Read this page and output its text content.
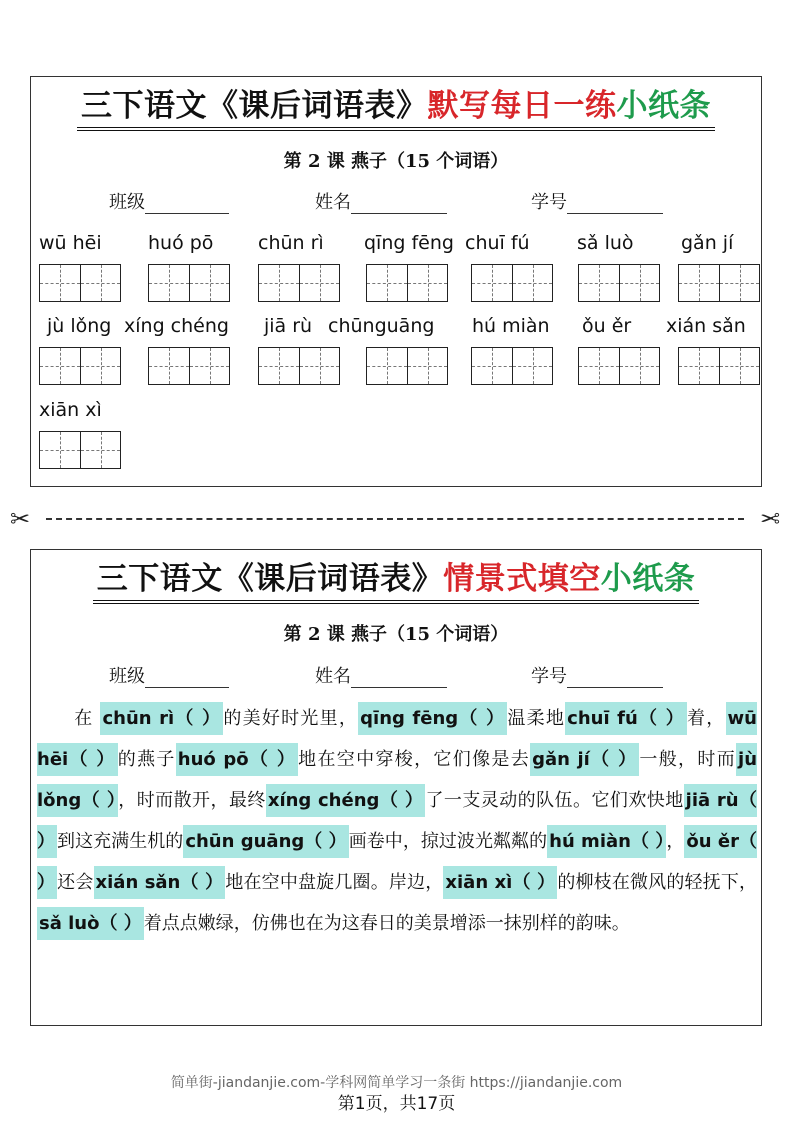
三下语文《课后词语表》默写每日一练小纸条
第 2 课 燕子（15 个词语）
班级	姓名	学号
wū hēi huó pō chūn rì qīng fēng chuī fú sǎ luò gǎn jí
jù lǒng xíng chéng jiā rù chūnguāng hú miàn ǒu ěr xián sǎn
xiān xì
✂	✂
三下语文《课后词语表》情景式填空小纸条
第 2 课 燕子（15 个词语）
班级	姓名	学号
  在 chūn rì（ ） 的美好时光里， qīng fēng（ ） 温柔地 chuī fú（ ） 着， wū hēi（ ） 的燕子 huó pō（ ） 地在空中穿梭，它们像是去 gǎn jí（ ） 一般，时而 jù lǒng（ ） ，时而散开，最终 xíng chéng（ ） 了一支灵动的队伍。它们欢快地 jiā rù（ ） 到这充满生机的 chūn guāng（ ） 画卷中，掠过波光粼粼的 hú miàn（ ） ， ǒu ěr（ ） 还会 xián sǎn（ ） 地在空中盘旋几圈。岸边， xiān xì（ ） 的柳枝在微风的轻抚下，sǎ luò（ ） 着点点嫩绿，仿佛也在为这春日的美景增添一抹别样的韵味。
简单街-jiandanjie.com-学科网简单学习一条街 https://jiandanjie.com
第1页，共17页
